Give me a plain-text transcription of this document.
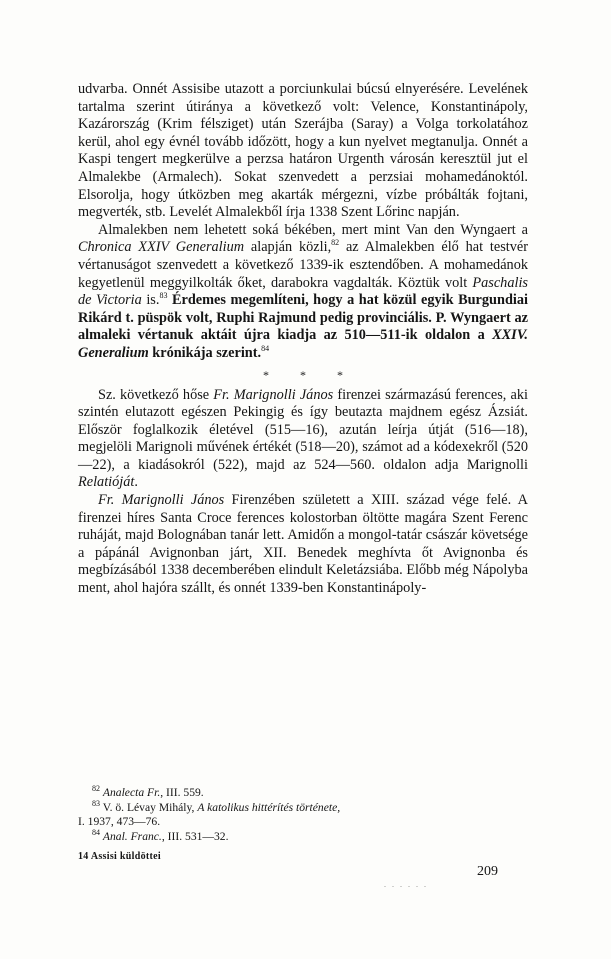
udvarba. Onnét Assisibe utazott a porciunkulai búcsú elnyerésére. Levelének tartalma szerint útiránya a következő volt: Velence, Konstantinápoly, Kazárország (Krim félsziget) után Szerájba (Saray) a Volga torkolatához kerül, ahol egy évnél tovább időzött, hogy a kun nyelvet megtanulja. Onnét a Kaspi tengert megkerülve a perzsa határon Urgenth városán keresztül jut el Almalekbe (Armalech). Sokat szenvedett a perzsiai mohamedánoktól. Elsorolja, hogy útközben meg akarták mérgezni, vízbe próbálták fojtani, megverték, stb. Levelét Almalekből írja 1338 Szent Lőrinc napján.

Almalekben nem lehetett soká békében, mert mint Van den Wyngaert a Chronica XXIV Generalium alapján közli,$^{82}$ az Almalekben élő hat testvér vértanuságot szenvedett a következő 1339-ik esztendőben. A mohamedánok kegyetlenül meggyilkolták őket, darabokra vagdalták. Köztük volt Paschalis de Victoria is.$^{83}$ Érdemes megemlíteni, hogy a hat közül egyik Burgundiai Rikárd t. püspök volt, Ruphi Rajmund pedig provinciális. P. Wyngaert az almaleki vértanuk aktáit újra kiadja az 510—511-ik oldalon a XXIV. Generalium krónikája szerint.$^{84}$

* * *

Sz. következő hőse Fr. Marignolli János firenzei származású ferences, aki szintén elutazott egészen Pekingig és így beutazta majdnem egész Ázsiát. Először foglalkozik életével (515—16), azután leírja útját (516—18), megjelöli Marignoli művének értékét (518—20), számot ad a kódexekről (520—22), a kiadásokról (522), majd az 524—560. oldalon adja Marignolli Relatióját.

Fr. Marignolli János Firenzében született a XIII. század vége felé. A firenzei híres Santa Croce ferences kolostorban öltötte magára Szent Ferenc ruháját, majd Bolognában tanár lett. Amidőn a mongol-tatár császár követsége a pápánál Avignonban járt, XII. Benedek meghívta őt Avignonba és megbízásából 1338 decemberében elindult Keletázsiába. Előbb még Nápolyba ment, ahol hajóra szállt, és onnét 1339-ben Konstantinápoly-

$^{82}$ Analecta Fr., III. 559.

$^{83}$ V. ö. Lévay Mihály, A katolikus hittérítés története,
I. 1937, 473—76.

$^{84}$ Anal. Franc., III. 531—32.

14 Assisi küldöttei
. . . . . .
209
